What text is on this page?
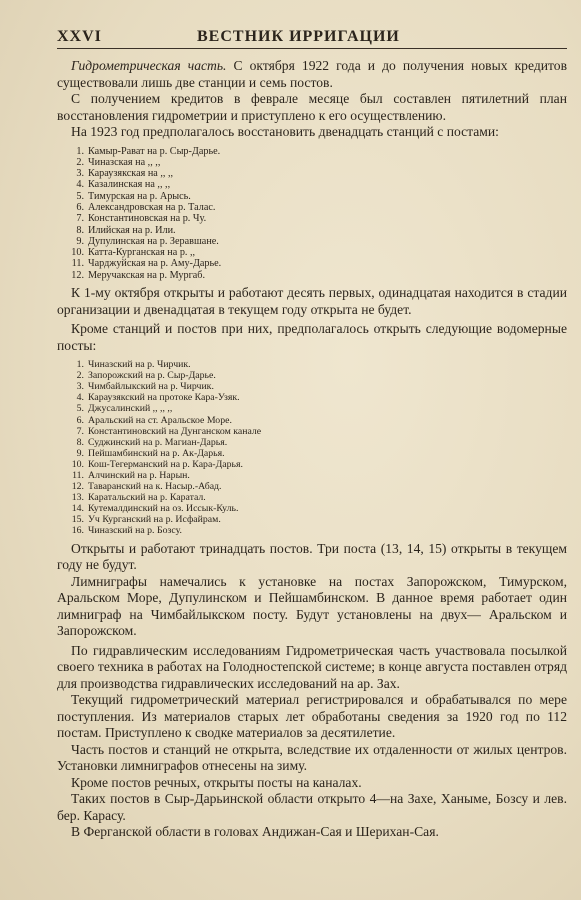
XXVI	ВЕСТНИК ИРРИГАЦИИ

Гидрометрическая часть. С октября 1922 года и до получения новых кредитов существовали лишь две станции и семь постов.

С получением кредитов в феврале месяце был составлен пятилетний план восстановления гидрометрии и приступлено к его осуществлению.

На 1923 год предполагалось восстановить двенадцать станций с постами:

1. Камыр-Рават на р. Сыр-Дарье.
2. Чиназская на ,, ,,
3. Караузякская на ,, ,,
4. Казалинская на ,, ,,
5. Тимурская на р. Арысь.
6. Александровская на р. Талас.
7. Константиновская на р. Чу.
8. Илийская на р. Или.
9. Дупулинская на р. Зеравшане.
10. Катта-Курганская на р. ,,
11. Чарджуйская на р. Аму-Дарье.
12. Меручакская на р. Мургаб.

К 1-му октября открыты и работают десять первых, одинадцатая находится в стадии организации и двенадцатая в текущем году открыта не будет.

Кроме станций и постов при них, предполагалось открыть следующие водомерные посты:

1. Чиназский на р. Чирчик.
2. Запорожский на р. Сыр-Дарье.
3. Чимбайлыкский на р. Чирчик.
4. Караузякский на протоке Кара-Узяк.
5. Джусалинский ,, ,, ,,
6. Аральский на ст. Аральское Море.
7. Константиновский на Дунганском канале
8. Суджинский на р. Магиан-Дарья.
9. Пейшамбинский на р. Ак-Дарья.
10. Кош-Тегерманский на р. Кара-Дарья.
11. Алчинский на р. Нарын.
12. Таваранский на к. Насыр.-Абад.
13. Каратальский на р. Каратал.
14. Кутемалдинский на оз. Иссык-Куль.
15. Уч Курганский на р. Исфайрам.
16. Чиназский на р. Бозсу.

Открыты и работают тринадцать постов. Три поста (13, 14, 15) открыты в текущем году не будут.

Лимниграфы намечались к установке на постах Запорожском, Тимурском, Аральском Море, Дупулинском и Пейшамбинском. В данное время работает один лимниграф на Чимбайлыкском посту. Будут установлены на двух— Аральском и Запорожском.

По гидравлическим исследованиям Гидрометрическая часть участвовала посылкой своего техника в работах на Голодностепской системе; в конце августа поставлен отряд для производства гидравлических исследований на ар. Зах.

Текущий гидрометрический материал регистрировался и обрабатывался по мере поступления. Из материалов старых лет обработаны сведения за 1920 год по 112 постам. Приступлено к сводке материалов за десятилетие.

Часть постов и станций не открыта, вследствие их отдаленности от жилых центров. Установки лимниграфов отнесены на зиму.

Кроме постов речных, открыты посты на каналах.

Таких постов в Сыр-Дарьинской области открыто 4—на Захе, Ханыме, Бозсу и лев. бер. Карасу.

В Ферганской области в головах Андижан-Сая и Шерихан-Сая.
